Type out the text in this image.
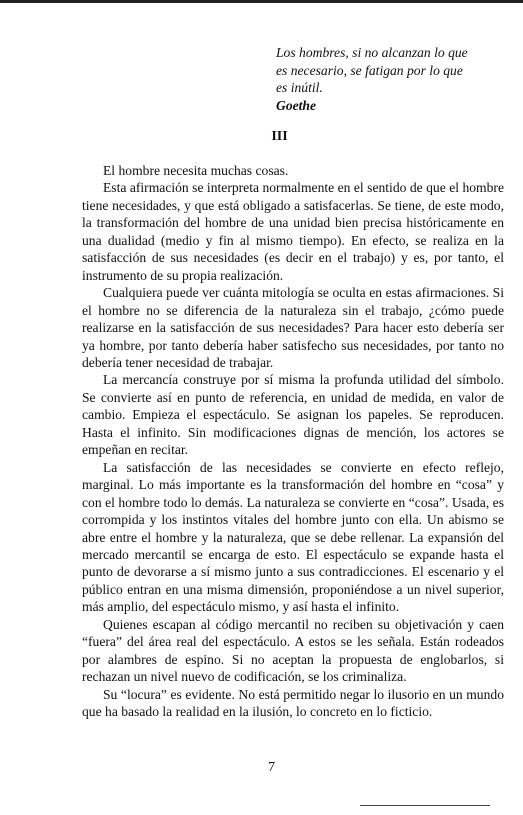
Los hombres, si no alcanzan lo que
es necesario, se fatigan por lo que
es inútil.
Goethe
III

El hombre necesita muchas cosas.

Esta afirmación se interpreta normalmente en el sentido de que el hombre tiene necesidades, y que está obligado a satisfacerlas. Se tiene, de este modo, la transformación del hombre de una unidad bien precisa históricamente en una dualidad (medio y fin al mismo tiempo). En efecto, se realiza en la satisfacción de sus necesidades (es decir en el trabajo) y es, por tanto, el instrumento de su propia realización.

Cualquiera puede ver cuánta mitología se oculta en estas afirmaciones. Si el hombre no se diferencia de la naturaleza sin el trabajo, ¿cómo puede realizarse en la satisfacción de sus necesidades? Para hacer esto debería ser ya hombre, por tanto debería haber satisfecho sus necesidades, por tanto no debería tener necesidad de trabajar.

La mercancía construye por sí misma la profunda utilidad del símbolo. Se convierte así en punto de referencia, en unidad de medida, en valor de cambio. Empieza el espectáculo. Se asignan los papeles. Se reproducen. Hasta el infinito. Sin modificaciones dignas de mención, los actores se empeñan en recitar.

La satisfacción de las necesidades se convierte en efecto reflejo, marginal. Lo más importante es la transformación del hombre en “cosa” y con el hombre todo lo demás. La naturaleza se convierte en “cosa”. Usada, es corrompida y los instintos vitales del hombre junto con ella. Un abismo se abre entre el hombre y la naturaleza, que se debe rellenar. La expansión del mercado mercantil se encarga de esto. El espectáculo se expande hasta el punto de devorarse a sí mismo junto a sus contradicciones. El escenario y el público entran en una misma dimensión, proponiéndose a un nivel superior, más amplio, del espectáculo mismo, y así hasta el infinito.

Quienes escapan al código mercantil no reciben su objetivación y caen “fuera” del área real del espectáculo. A estos se les señala. Están rodeados por alambres de espino. Si no aceptan la propuesta de englobarlos, si rechazan un nivel nuevo de codificación, se los criminaliza.

Su “locura” es evidente. No está permitido negar lo ilusorio en un mundo que ha basado la realidad en la ilusión, lo concreto en lo ficticio.

7
